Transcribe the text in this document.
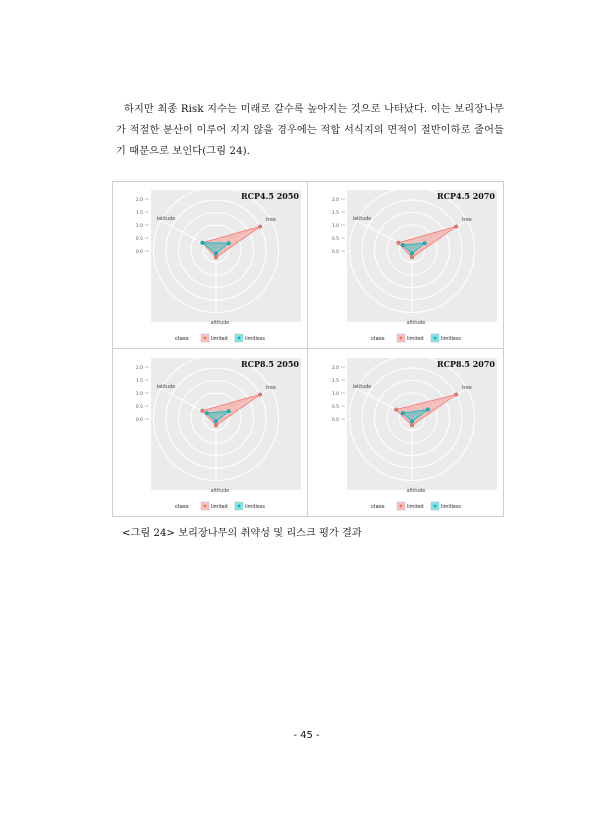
하지만 최종 Risk 지수는 미래로 갈수록 높아지는 것으로 나타났다. 이는 보리장나무가 적절한 분산이 이루어 지지 않을 경우에는 적합 서식지의 면적이 절반이하로 줄어들기 때문으로 보인다(그림 24).
2.0
1.5
1.0
0.5
0.0
tree
altitude
latitude
RCP4.5 2050
class	limited	limitless
2.0
1.5
1.0
0.5
0.0
tree
altitude
latitude
RCP4.5 2070
class	limited	limitless
2.0
1.5
1.0
0.5
0.0
tree
altitude
latitude
RCP8.5 2050
class	limited	limitless
2.0
1.5
1.0
0.5
0.0
tree
altitude
latitude
RCP8.5 2070
class	limited	limitless
<그림 24> 보리장나무의 취약성 및 리스크 평가 결과
- 45 -
